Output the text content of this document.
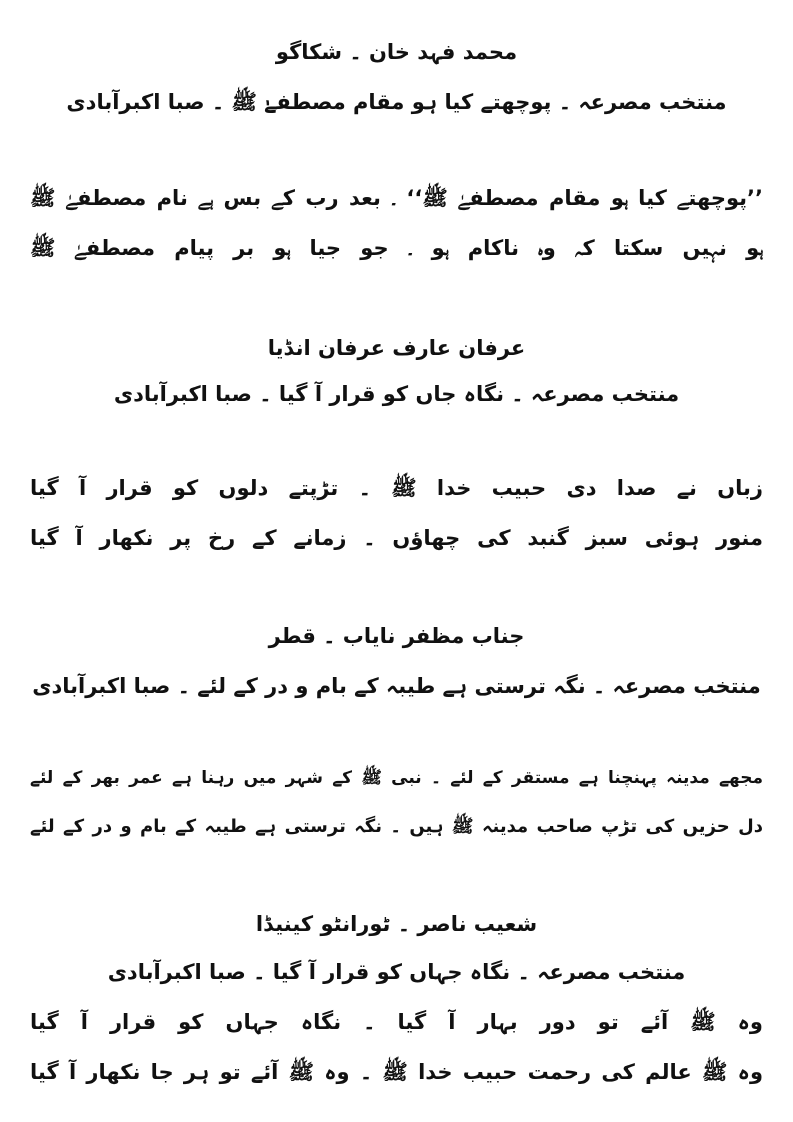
محمد فہد خان ۔ شکاگو

منتخب مصرعہ ۔ پوچھتے کیا ہو مقام مصطفےٰ ﷺ ۔ صبا اکبرآبادی

’’پوچھتے کیا ہو مقام مصطفےٰ ﷺ‘‘ ۔ بعد رب کے بس ہے نام مصطفےٰ ﷺ

ہو نہیں سکتا کہ وہ ناکام ہو ۔ جو جیا ہو بر پیام مصطفےٰ ﷺ

عرفان عارف عرفان انڈیا

منتخب مصرعہ ۔ نگاہ جاں کو قرار آ گیا ۔ صبا اکبرآبادی

زباں نے صدا دی حبیب خدا ﷺ ۔ تڑپتے دلوں کو قرار آ گیا

منور ہوئی سبز گنبد کی چھاؤں ۔ زمانے کے رخ پر نکھار آ گیا

جناب مظفر نایاب ۔ قطر

منتخب مصرعہ ۔ نگہ ترستی ہے طیبہ کے بام و در کے لئے ۔ صبا اکبرآبادی

مجھے مدینہ پہنچنا ہے مستقر کے لئے ۔ نبی ﷺ کے شہر میں رہنا ہے عمر بھر کے لئے

دل حزیں کی تڑپ صاحب مدینہ ﷺ ہیں ۔ نگہ ترستی ہے طیبہ کے بام و در کے لئے

شعیب ناصر ۔ ٹورانٹو کینیڈا

منتخب مصرعہ ۔ نگاہ جہاں کو قرار آ گیا ۔ صبا اکبرآبادی

وہ ﷺ آئے تو دور بہار آ گیا ۔ نگاہ جہاں کو قرار آ گیا

وہ ﷺ عالم کی رحمت حبیب خدا ﷺ ۔ وہ ﷺ آئے تو ہر جا نکھار آ گیا
